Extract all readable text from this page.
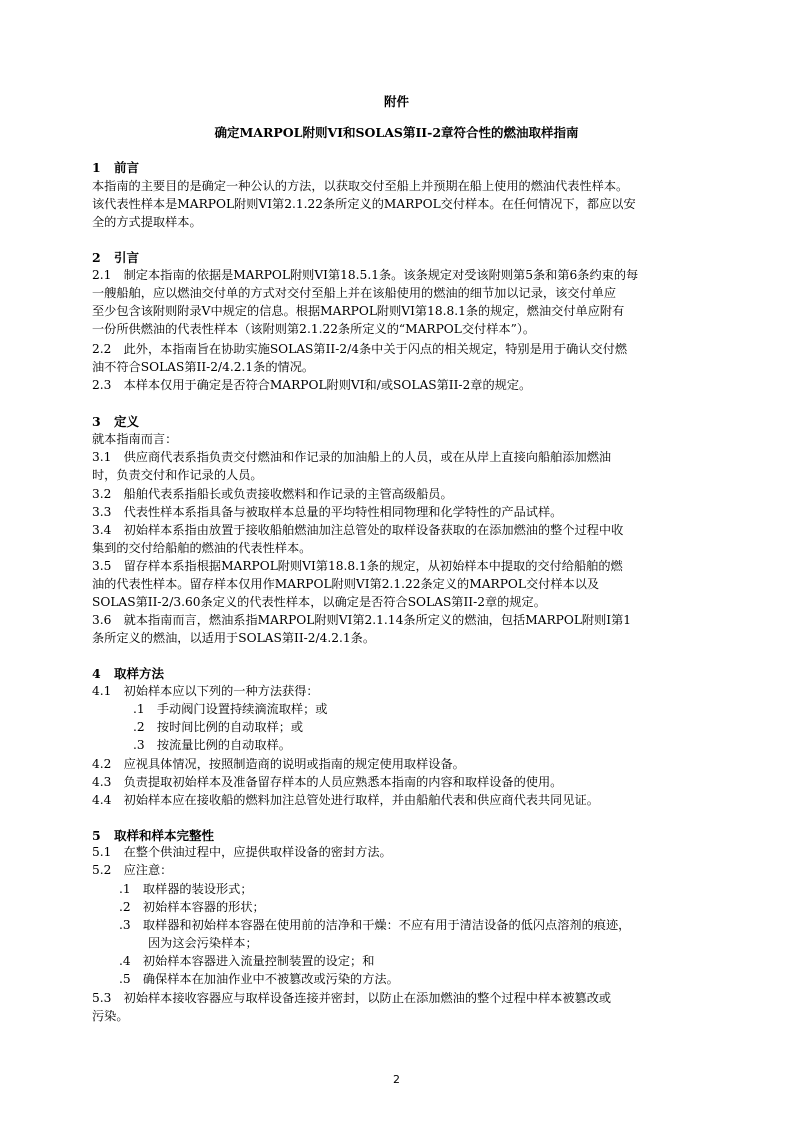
附件
确定MARPOL附则VI和SOLAS第II-2章符合性的燃油取样指南
1 前言
本指南的主要目的是确定一种公认的方法，以获取交付至船上并预期在船上使用的燃油代表性样本。
该代表性样本是MARPOL附则VI第2.1.22条所定义的MARPOL交付样本。在任何情况下，都应以安
全的方式提取样本。
2 引言
2.1　制定本指南的依据是MARPOL附则VI第18.5.1条。该条规定对受该附则第5条和第6条约束的每
一艘船舶，应以燃油交付单的方式对交付至船上并在该船使用的燃油的细节加以记录，该交付单应
至少包含该附则附录V中规定的信息。根据MARPOL附则VI第18.8.1条的规定，燃油交付单应附有
一份所供燃油的代表性样本（该附则第2.1.22条所定义的“MARPOL交付样本”）。
2.2　此外，本指南旨在协助实施SOLAS第II-2/4条中关于闪点的相关规定，特别是用于确认交付燃
油不符合SOLAS第II-2/4.2.1条的情况。
2.3　本样本仅用于确定是否符合MARPOL附则VI和/或SOLAS第II-2章的规定。
3 定义
就本指南而言：
3.1　供应商代表系指负责交付燃油和作记录的加油船上的人员，或在从岸上直接向船舶添加燃油
时，负责交付和作记录的人员。
3.2　船舶代表系指船长或负责接收燃料和作记录的主管高级船员。
3.3　代表性样本系指具备与被取样本总量的平均特性相同物理和化学特性的产品试样。
3.4　初始样本系指由放置于接收船舶燃油加注总管处的取样设备获取的在添加燃油的整个过程中收
集到的交付给船舶的燃油的代表性样本。
3.5　留存样本系指根据MARPOL附则VI第18.8.1条的规定，从初始样本中提取的交付给船舶的燃
油的代表性样本。留存样本仅用作MARPOL附则VI第2.1.22条定义的MARPOL交付样本以及
SOLAS第II-2/3.60条定义的代表性样本，以确定是否符合SOLAS第II-2章的规定。
3.6　就本指南而言，燃油系指MARPOL附则VI第2.1.14条所定义的燃油，包括MARPOL附则I第1
条所定义的燃油，以适用于SOLAS第II-2/4.2.1条。
4 取样方法
4.1　初始样本应以下列的一种方法获得：
.1　手动阀门设置持续滴流取样；或
.2　按时间比例的自动取样；或
.3　按流量比例的自动取样。
4.2　应视具体情况，按照制造商的说明或指南的规定使用取样设备。
4.3　负责提取初始样本及准备留存样本的人员应熟悉本指南的内容和取样设备的使用。
4.4　初始样本应在接收船的燃料加注总管处进行取样，并由船舶代表和供应商代表共同见证。
5 取样和样本完整性
5.1　在整个供油过程中，应提供取样设备的密封方法。
5.2　应注意：
.1　取样器的装设形式；
.2　初始样本容器的形状；
.3　取样器和初始样本容器在使用前的洁净和干燥：不应有用于清洁设备的低闪点溶剂的痕迹，
因为这会污染样本；
.4　初始样本容器进入流量控制装置的设定；和
.5　确保样本在加油作业中不被篡改或污染的方法。
5.3　初始样本接收容器应与取样设备连接并密封，以防止在添加燃油的整个过程中样本被篡改或
污染。
2
